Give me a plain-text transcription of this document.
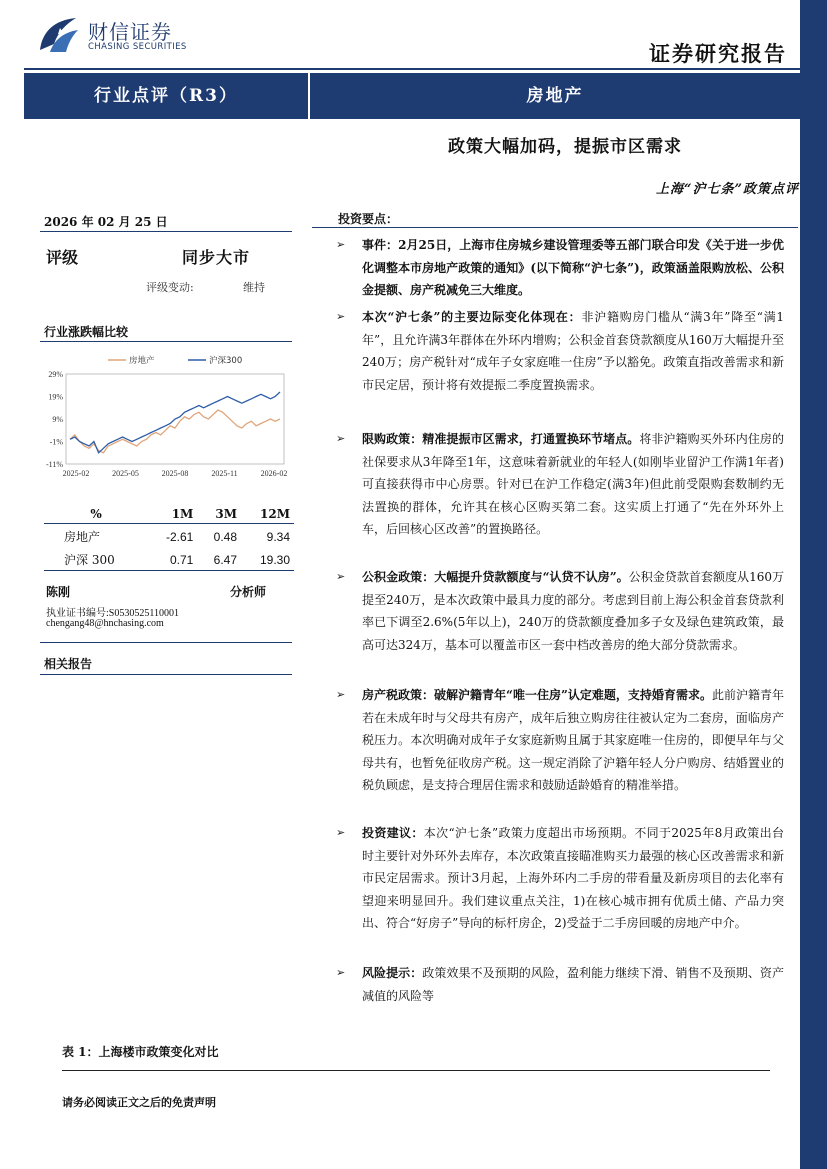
财信证券
CHASING SECURITIES	证券研究报告
行业点评（R3）	房地产
政策大幅加码，提振市区需求
上海“沪七条”政策点评
2026 年 02 月 25 日
评级	同步大市
评级变动:	维持
行业涨跌幅比较
29%
19%
9%
-1%
-11%
2025-02	2025-05	2025-08	2025-11	2026-02
房地产	沪深300
%	1M	3M	12M
房地产	-2.61	0.48	9.34
沪深 300	0.71	6.47	19.30
陈刚	分析师
执业证书编号:S0530525110001
chengang48@hnchasing.com
相关报告
投资要点：
➢	事件：2月25日，上海市住房城乡建设管理委等五部门联合印发《关于进一步优化调整本市房地产政策的通知》(以下简称“沪七条”)，政策涵盖限购放松、公积金提额、房产税减免三大维度。
➢	本次“沪七条”的主要边际变化体现在：非沪籍购房门槛从“满3年”降至“满1年”，且允许满3年群体在外环内增购；公积金首套贷款额度从160万大幅提升至240万；房产税针对“成年子女家庭唯一住房”予以豁免。政策直指改善需求和新市民定居，预计将有效提振二季度置换需求。
➢	限购政策：精准提振市区需求，打通置换环节堵点。将非沪籍购买外环内住房的社保要求从3年降至1年，这意味着新就业的年轻人(如刚毕业留沪工作满1年者)可直接获得市中心房票。针对已在沪工作稳定(满3年)但此前受限购套数制约无法置换的群体，允许其在核心区购买第二套。这实质上打通了“先在外环外上车，后回核心区改善”的置换路径。
➢	公积金政策：大幅提升贷款额度与“认贷不认房”。公积金贷款首套额度从160万提至240万，是本次政策中最具力度的部分。考虑到目前上海公积金首套贷款利率已下调至2.6%(5年以上)，240万的贷款额度叠加多子女及绿色建筑政策，最高可达324万，基本可以覆盖市区一套中档改善房的绝大部分贷款需求。
➢	房产税政策：破解沪籍青年“唯一住房”认定难题，支持婚育需求。此前沪籍青年若在未成年时与父母共有房产，成年后独立购房往往被认定为二套房，面临房产税压力。本次明确对成年子女家庭新购且属于其家庭唯一住房的，即便早年与父母共有，也暂免征收房产税。这一规定消除了沪籍年轻人分户购房、结婚置业的税负顾虑，是支持合理居住需求和鼓励适龄婚育的精准举措。
➢	投资建议：本次“沪七条”政策力度超出市场预期。不同于2025年8月政策出台时主要针对外环外去库存，本次政策直接瞄准购买力最强的核心区改善需求和新市民定居需求。预计3月起，上海外环内二手房的带看量及新房项目的去化率有望迎来明显回升。我们建议重点关注，1)在核心城市拥有优质土储、产品力突出、符合“好房子”导向的标杆房企，2)受益于二手房回暖的房地产中介。
➢	风险提示：政策效果不及预期的风险，盈利能力继续下滑、销售不及预期、资产减值的风险等
表 1：上海楼市政策变化对比
请务必阅读正文之后的免责声明
